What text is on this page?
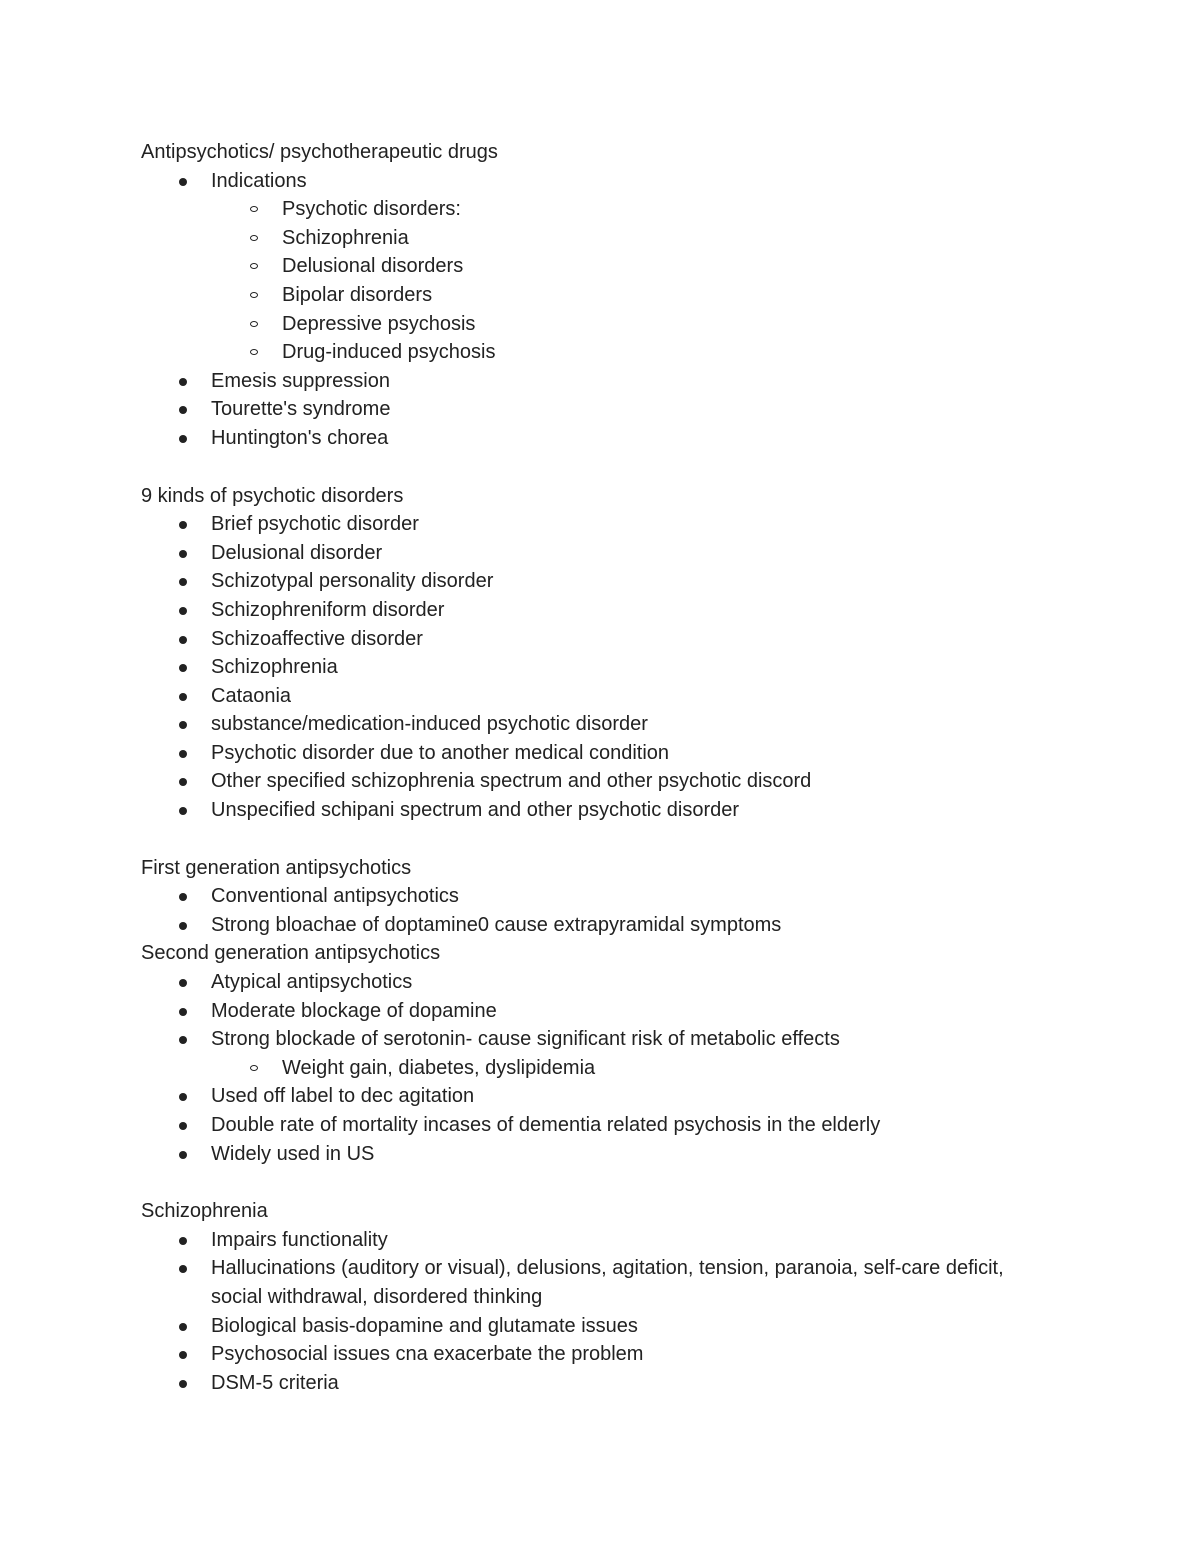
Antipsychotics/ psychotherapeutic drugs

Indications
Psychotic disorders:
Schizophrenia
Delusional disorders
Bipolar disorders
Depressive psychosis
Drug-induced psychosis
Emesis suppression
Tourette's syndrome
Huntington's chorea

9 kinds of psychotic disorders

Brief psychotic disorder
Delusional disorder
Schizotypal personality disorder
Schizophreniform disorder
Schizoaffective disorder
Schizophrenia
Cataonia
substance/medication-induced psychotic disorder
Psychotic disorder due to another medical condition
Other specified schizophrenia spectrum and other psychotic discord
Unspecified schipani spectrum and other psychotic disorder

First generation antipsychotics

Conventional antipsychotics
Strong bloachae of doptamine0 cause extrapyramidal symptoms

Second generation antipsychotics

Atypical antipsychotics
Moderate blockage of dopamine
Strong blockade of serotonin- cause significant risk of metabolic effects
Weight gain, diabetes, dyslipidemia
Used off label to dec agitation
Double rate of mortality incases of dementia related psychosis in the elderly
Widely used in US

Schizophrenia

Impairs functionality
Hallucinations (auditory or visual), delusions, agitation, tension, paranoia, self-care deficit, social withdrawal, disordered thinking
Biological basis-dopamine and glutamate issues
Psychosocial issues cna exacerbate the problem
DSM-5 criteria
